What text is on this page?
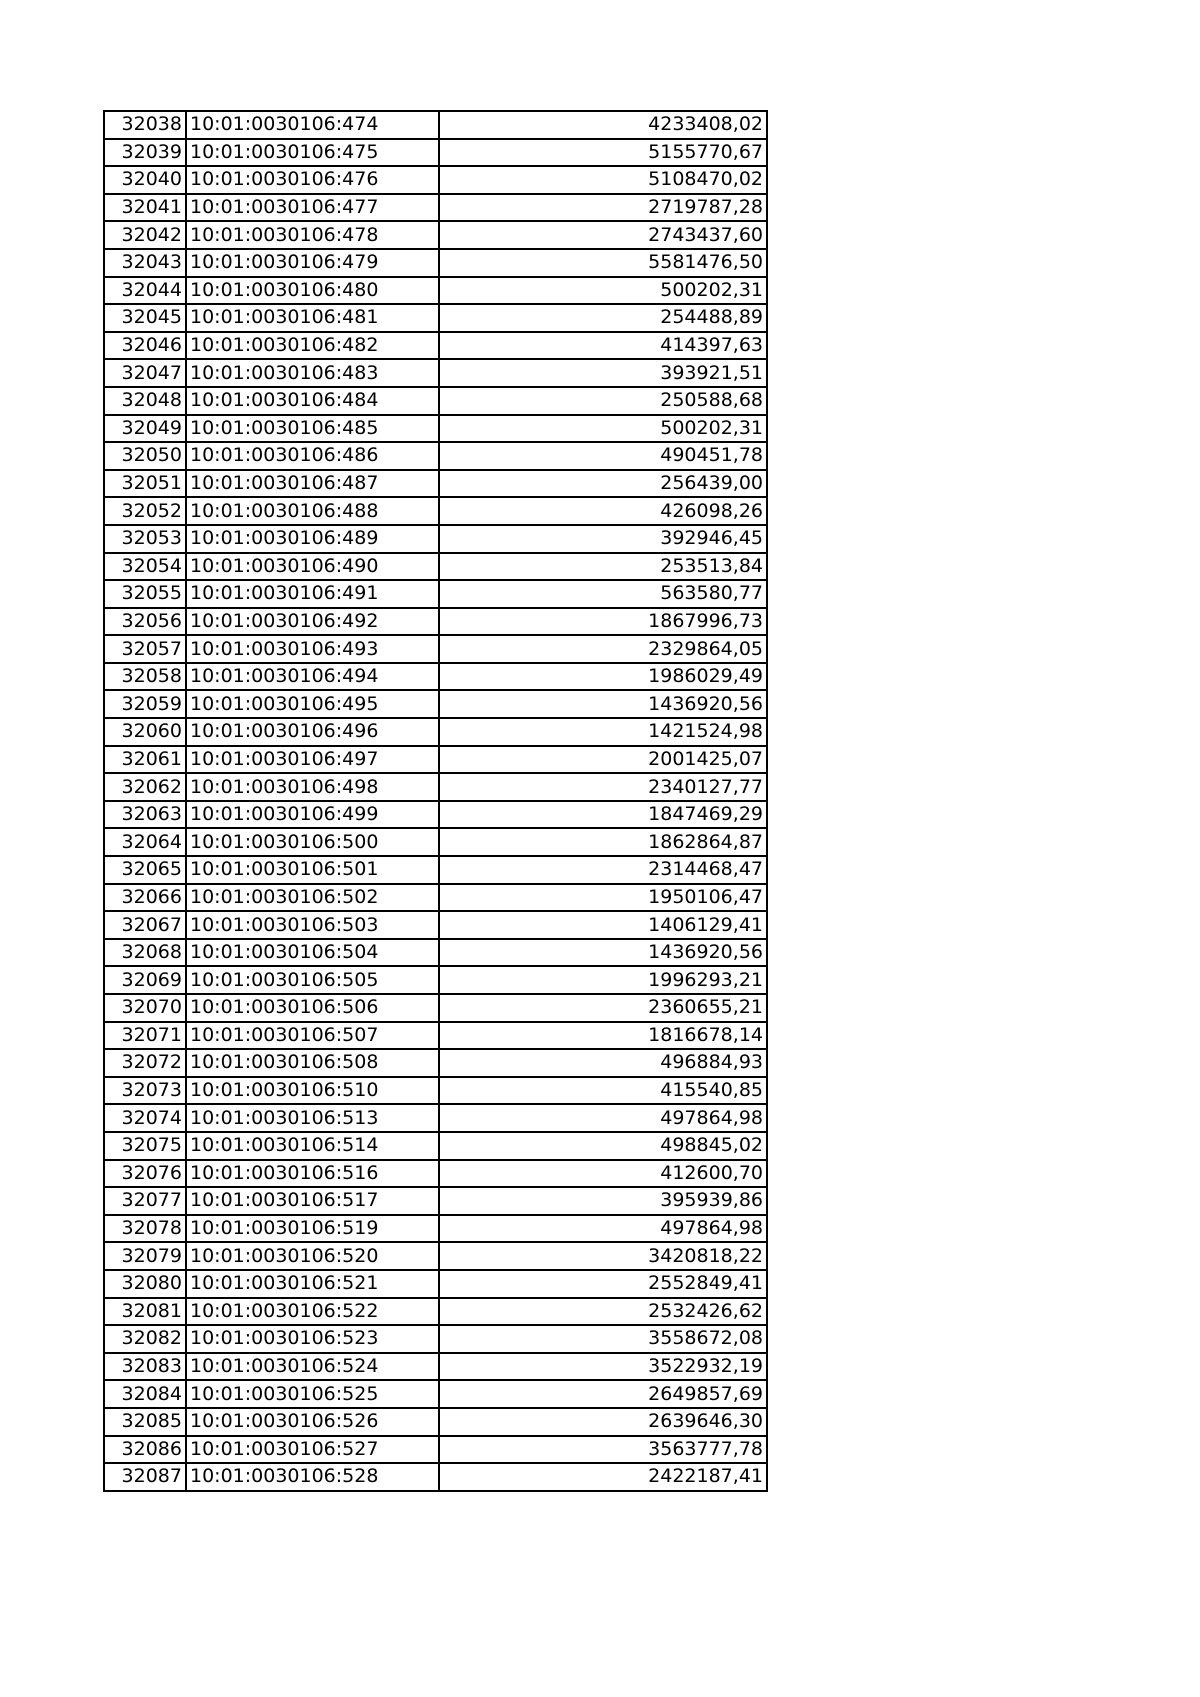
32038	10:01:0030106:474	4233408,02
32039	10:01:0030106:475	5155770,67
32040	10:01:0030106:476	5108470,02
32041	10:01:0030106:477	2719787,28
32042	10:01:0030106:478	2743437,60
32043	10:01:0030106:479	5581476,50
32044	10:01:0030106:480	500202,31
32045	10:01:0030106:481	254488,89
32046	10:01:0030106:482	414397,63
32047	10:01:0030106:483	393921,51
32048	10:01:0030106:484	250588,68
32049	10:01:0030106:485	500202,31
32050	10:01:0030106:486	490451,78
32051	10:01:0030106:487	256439,00
32052	10:01:0030106:488	426098,26
32053	10:01:0030106:489	392946,45
32054	10:01:0030106:490	253513,84
32055	10:01:0030106:491	563580,77
32056	10:01:0030106:492	1867996,73
32057	10:01:0030106:493	2329864,05
32058	10:01:0030106:494	1986029,49
32059	10:01:0030106:495	1436920,56
32060	10:01:0030106:496	1421524,98
32061	10:01:0030106:497	2001425,07
32062	10:01:0030106:498	2340127,77
32063	10:01:0030106:499	1847469,29
32064	10:01:0030106:500	1862864,87
32065	10:01:0030106:501	2314468,47
32066	10:01:0030106:502	1950106,47
32067	10:01:0030106:503	1406129,41
32068	10:01:0030106:504	1436920,56
32069	10:01:0030106:505	1996293,21
32070	10:01:0030106:506	2360655,21
32071	10:01:0030106:507	1816678,14
32072	10:01:0030106:508	496884,93
32073	10:01:0030106:510	415540,85
32074	10:01:0030106:513	497864,98
32075	10:01:0030106:514	498845,02
32076	10:01:0030106:516	412600,70
32077	10:01:0030106:517	395939,86
32078	10:01:0030106:519	497864,98
32079	10:01:0030106:520	3420818,22
32080	10:01:0030106:521	2552849,41
32081	10:01:0030106:522	2532426,62
32082	10:01:0030106:523	3558672,08
32083	10:01:0030106:524	3522932,19
32084	10:01:0030106:525	2649857,69
32085	10:01:0030106:526	2639646,30
32086	10:01:0030106:527	3563777,78
32087	10:01:0030106:528	2422187,41
